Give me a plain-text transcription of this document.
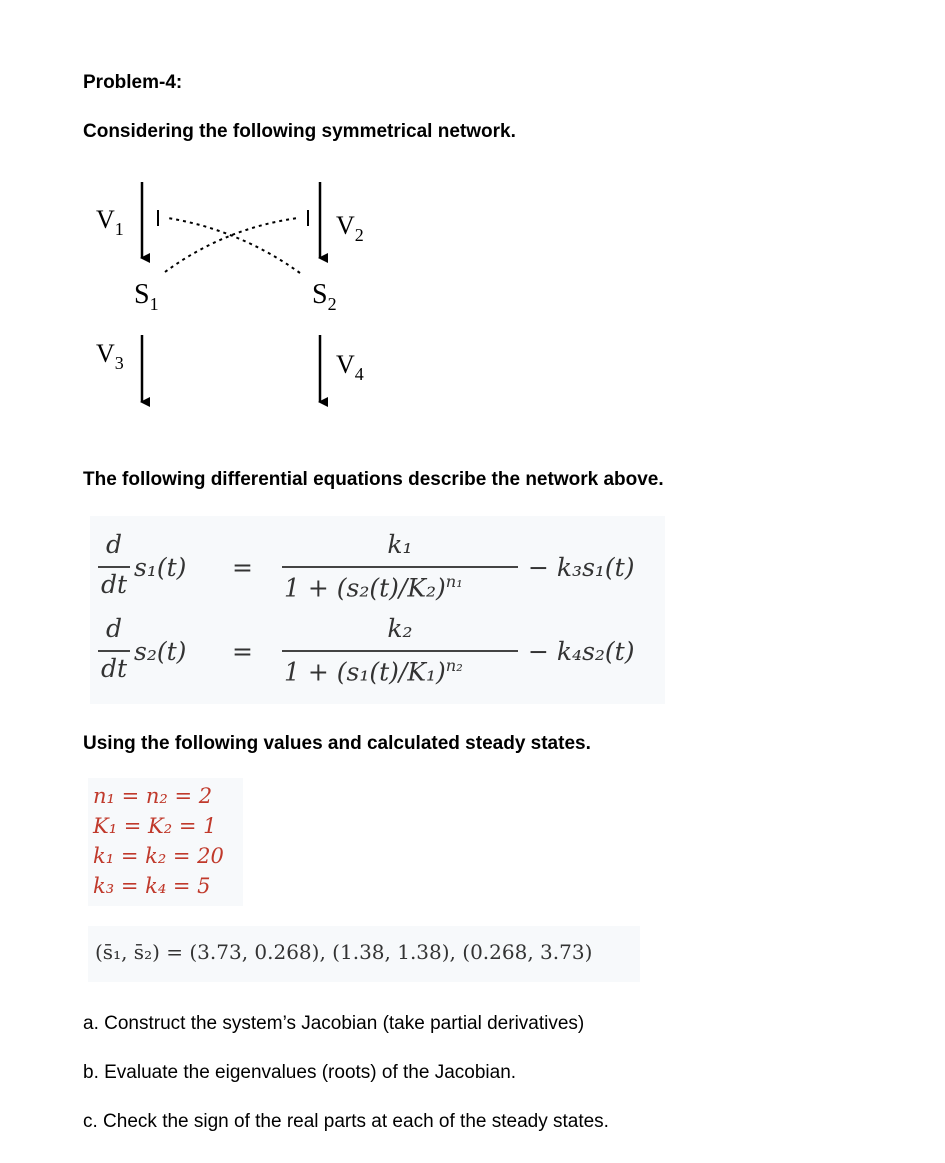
Problem-4:
Considering the following symmetrical network.
$V_1$	$V_2$
$S_1$	$S_2$
$V_3$	$V_4$
The following differential equations describe the network above.
d
dt
s₁(t) =
k₁
$1 + (s_2(t)/K_2)^{n_1}$	− k₃s₁(t)
d
dt
s₂(t) =
k₂
$1 + (s_1(t)/K_1)^{n_2}$	− k₄s₂(t)
Using the following values and calculated steady states.
n₁ = n₂ = 2
K₁ = K₂ = 1
k₁ = k₂ = 20
k₃ = k₄ = 5
(s̄₁, s̄₂) = (3.73, 0.268), (1.38, 1.38), (0.268, 3.73)
a. Construct the system’s Jacobian (take partial derivatives)
b. Evaluate the eigenvalues (roots) of the Jacobian.
c. Check the sign of the real parts at each of the steady states.
